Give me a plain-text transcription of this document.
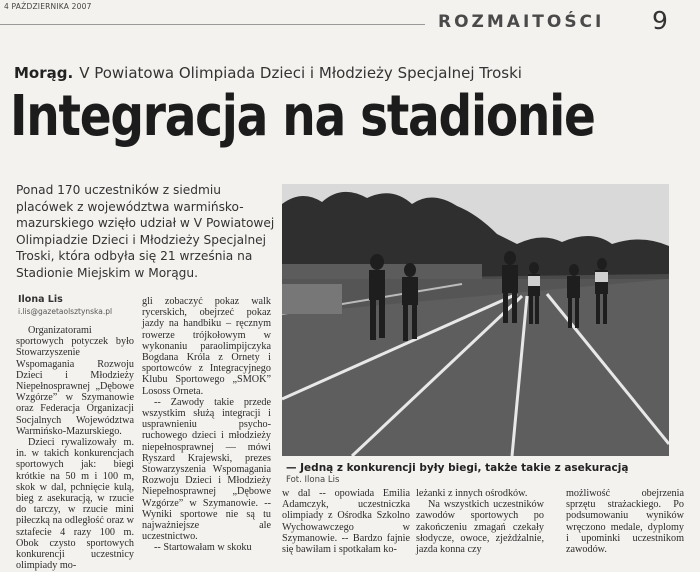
4 PAŹDZIERNIKA 2007
ROZMAITOŚCI 9
Morąg. V Powiatowa Olimpiada Dzieci i Młodzieży Specjalnej Troski
Integracja na stadionie
Ponad 170 uczestników z siedmiu placówek z województwa warmińsko-mazurskiego wzięło udział w V Powiatowej Olimpiadzie Dzieci i Młodzieży Specjalnej Troski, która odbyła się 21 września na Stadionie Miejskim w Morągu.
Ilona Lis
i.lis@gazetaolsztynska.pl

Organizatorami sportowych potyczek było Stowarzyszenie Wspomagania Rozwoju Dzieci i Młodzieży Niepełnosprawnej „Dębowe Wzgórze” w Szymanowie oraz Federacja Organizacji Socjalnych Województwa Warmińsko-Mazurskiego.

Dzieci rywalizowały m. in. w takich konkurencjach sportowych jak: biegi krótkie na 50 m i 100 m, skok w dal, pchnięcie kulą, bieg z asekuracją, w rzucie do tarczy, w rzucie mini piłeczką na odległość oraz w sztafecie 4 razy 100 m. Obok czysto sportowych konkurencji uczestnicy olimpiady mo-

gli zobaczyć pokaz walk rycerskich, obejrzeć pokaz jazdy na handbiku – ręcznym rowerze trójkołowym w wykonaniu paraolimpijczyka Bogdana Króla z Ornety i sportowców z Integracyjnego Klubu Sportowego „SMOK” Lososs Orneta.

-- Zawody takie przede wszystkim służą integracji i usprawnieniu psycho-ruchowego dzieci i młodzieży niepełnosprawnej — mówi Ryszard Krajewski, prezes Stowarzyszenia Wspomagania Rozwoju Dzieci i Młodzieży Niepełnosprawnej „Dębowe Wzgórze” w Szymanowie. -- Wyniki sportowe nie są tu najważniejsze ale uczestnictwo.

-- Startowałam w skoku

— Jedną z konkurencji były biegi, także takie z asekuracją
Fot. Ilona Lis

w dal -- opowiada Emilia Adamczyk, uczestniczka olimpiady z Ośrodka Szkolno Wychowawczego w Szymanowie. -- Bardzo fajnie się bawiłam i spotkałam ko-

leżanki z innych ośrodków.

Na wszystkich uczestników zawodów sportowych po zakończeniu zmagań czekały słodycze, owoce, zjeżdżalnie, jazda konna czy

możliwość obejrzenia sprzętu strażackiego. Po podsumowaniu wyników wręczono medale, dyplomy i upominki uczestnikom zawodów.
